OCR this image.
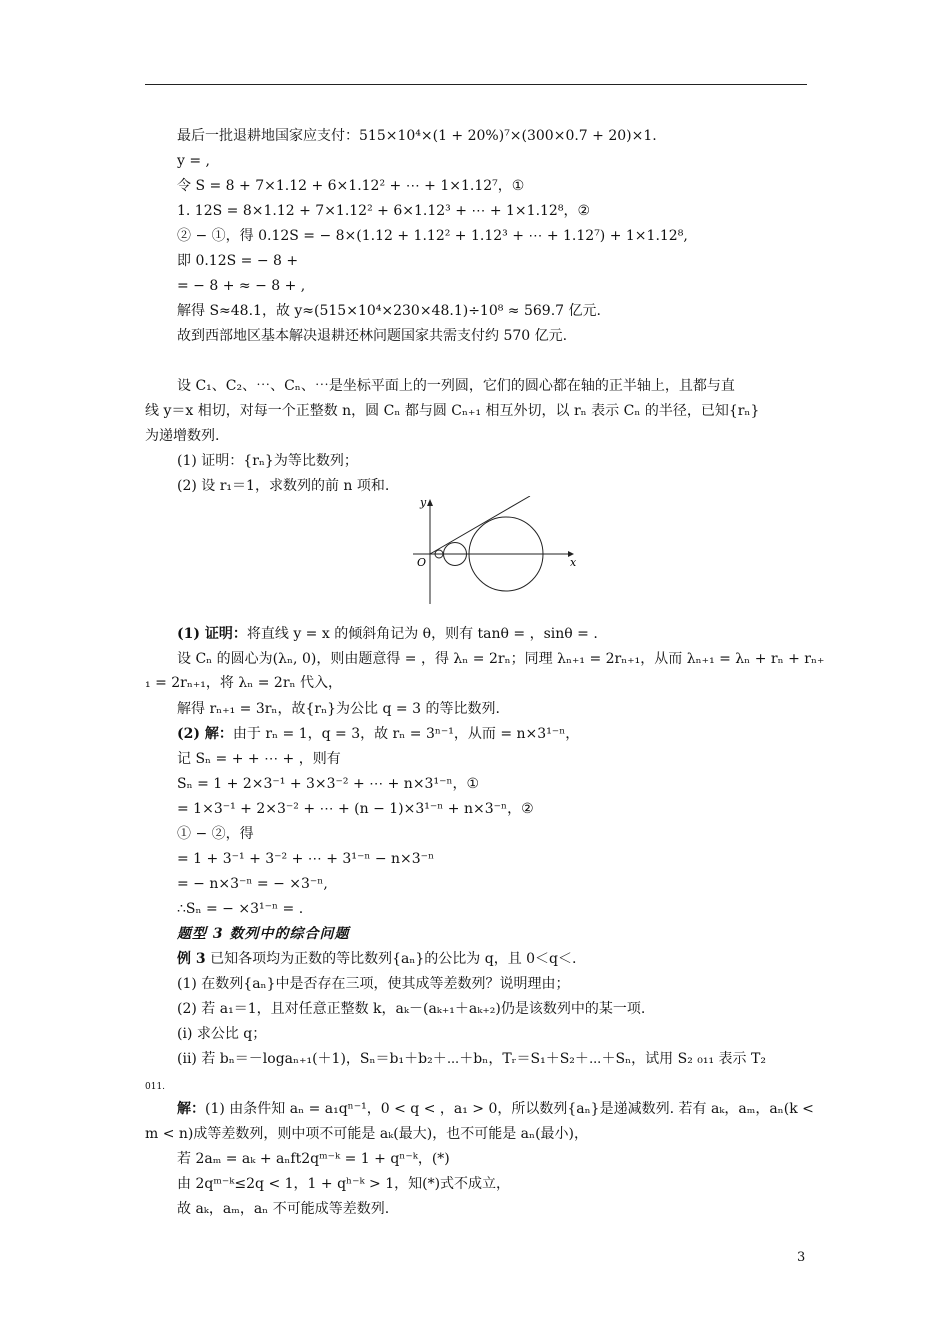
最后一批退耕地国家应支付：515×10⁴×(1 + 20%)⁷×(300×0.7 + 20)×1.
y = ,
令 S = 8 + 7×1.12 + 6×1.12² + ⋯ + 1×1.12⁷，①
1. 12S = 8×1.12 + 7×1.12² + 6×1.12³ + ⋯ + 1×1.12⁸，②
② − ①，得 0.12S = − 8×(1.12 + 1.12² + 1.12³ + ⋯ + 1.12⁷) + 1×1.12⁸,
即 0.12S = − 8 +
= − 8 + ≈ − 8 + ,
解得 S≈48.1，故 y≈(515×10⁴×230×48.1)÷10⁸ ≈ 569.7 亿元.
故到西部地区基本解决退耕还林问题国家共需支付约 570 亿元.
设 C₁、C₂、⋯、Cₙ、⋯是坐标平面上的一列圆，它们的圆心都在轴的正半轴上，且都与直
线 y＝x 相切，对每一个正整数 n，圆 Cₙ 都与圆 Cₙ₊₁ 相互外切，以 rₙ 表示 Cₙ 的半径，已知{rₙ}
为递增数列.
(1) 证明：{rₙ}为等比数列；
(2) 设 r₁＝1，求数列的前 n 项和.
x
y
O
(1) 证明：将直线 y = x 的倾斜角记为 θ，则有 tanθ = ，sinθ = .
设 Cₙ 的圆心为(λₙ, 0)，则由题意得 = ，得 λₙ = 2rₙ；同理 λₙ₊₁ = 2rₙ₊₁，从而 λₙ₊₁ = λₙ + rₙ + rₙ₊
₁ = 2rₙ₊₁，将 λₙ = 2rₙ 代入，
解得 rₙ₊₁ = 3rₙ，故{rₙ}为公比 q = 3 的等比数列.
(2) 解：由于 rₙ = 1，q = 3，故 rₙ = 3ⁿ⁻¹，从而 = n×3¹⁻ⁿ，
记 Sₙ = + + ⋯ + ，则有
Sₙ = 1 + 2×3⁻¹ + 3×3⁻² + ⋯ + n×3¹⁻ⁿ，①
= 1×3⁻¹ + 2×3⁻² + ⋯ + (n − 1)×3¹⁻ⁿ + n×3⁻ⁿ，②
① − ②，得
= 1 + 3⁻¹ + 3⁻² + ⋯ + 3¹⁻ⁿ − n×3⁻ⁿ
= − n×3⁻ⁿ = − ×3⁻ⁿ,
∴Sₙ = − ×3¹⁻ⁿ = .
题型 3 数列中的综合问题
例 3 已知各项均为正数的等比数列{aₙ}的公比为 q，且 0＜q＜.
(1) 在数列{aₙ}中是否存在三项，使其成等差数列？说明理由；
(2) 若 a₁＝1，且对任意正整数 k，aₖ－(aₖ₊₁＋aₖ₊₂)仍是该数列中的某一项.
(ⅰ) 求公比 q；
(ⅱ) 若 bₙ＝－logaₙ₊₁(＋1)，Sₙ＝b₁＋b₂＋⋯＋bₙ，Tᵣ＝S₁＋S₂＋⋯＋Sₙ，试用 S₂ ₀₁₁ 表示 T₂
011.
解：(1) 由条件知 aₙ = a₁qⁿ⁻¹，0 < q < ，a₁ > 0，所以数列{aₙ}是递减数列. 若有 aₖ，aₘ，aₙ(k <
m < n)成等差数列，则中项不可能是 aₖ(最大)，也不可能是 aₙ(最小)，
若 2aₘ = aₖ + aₙft2qᵐ⁻ᵏ = 1 + qⁿ⁻ᵏ，(*)
由 2qᵐ⁻ᵏ≤2q < 1，1 + qʰ⁻ᵏ > 1，知(*)式不成立，
故 aₖ，aₘ，aₙ 不可能成等差数列.
3
